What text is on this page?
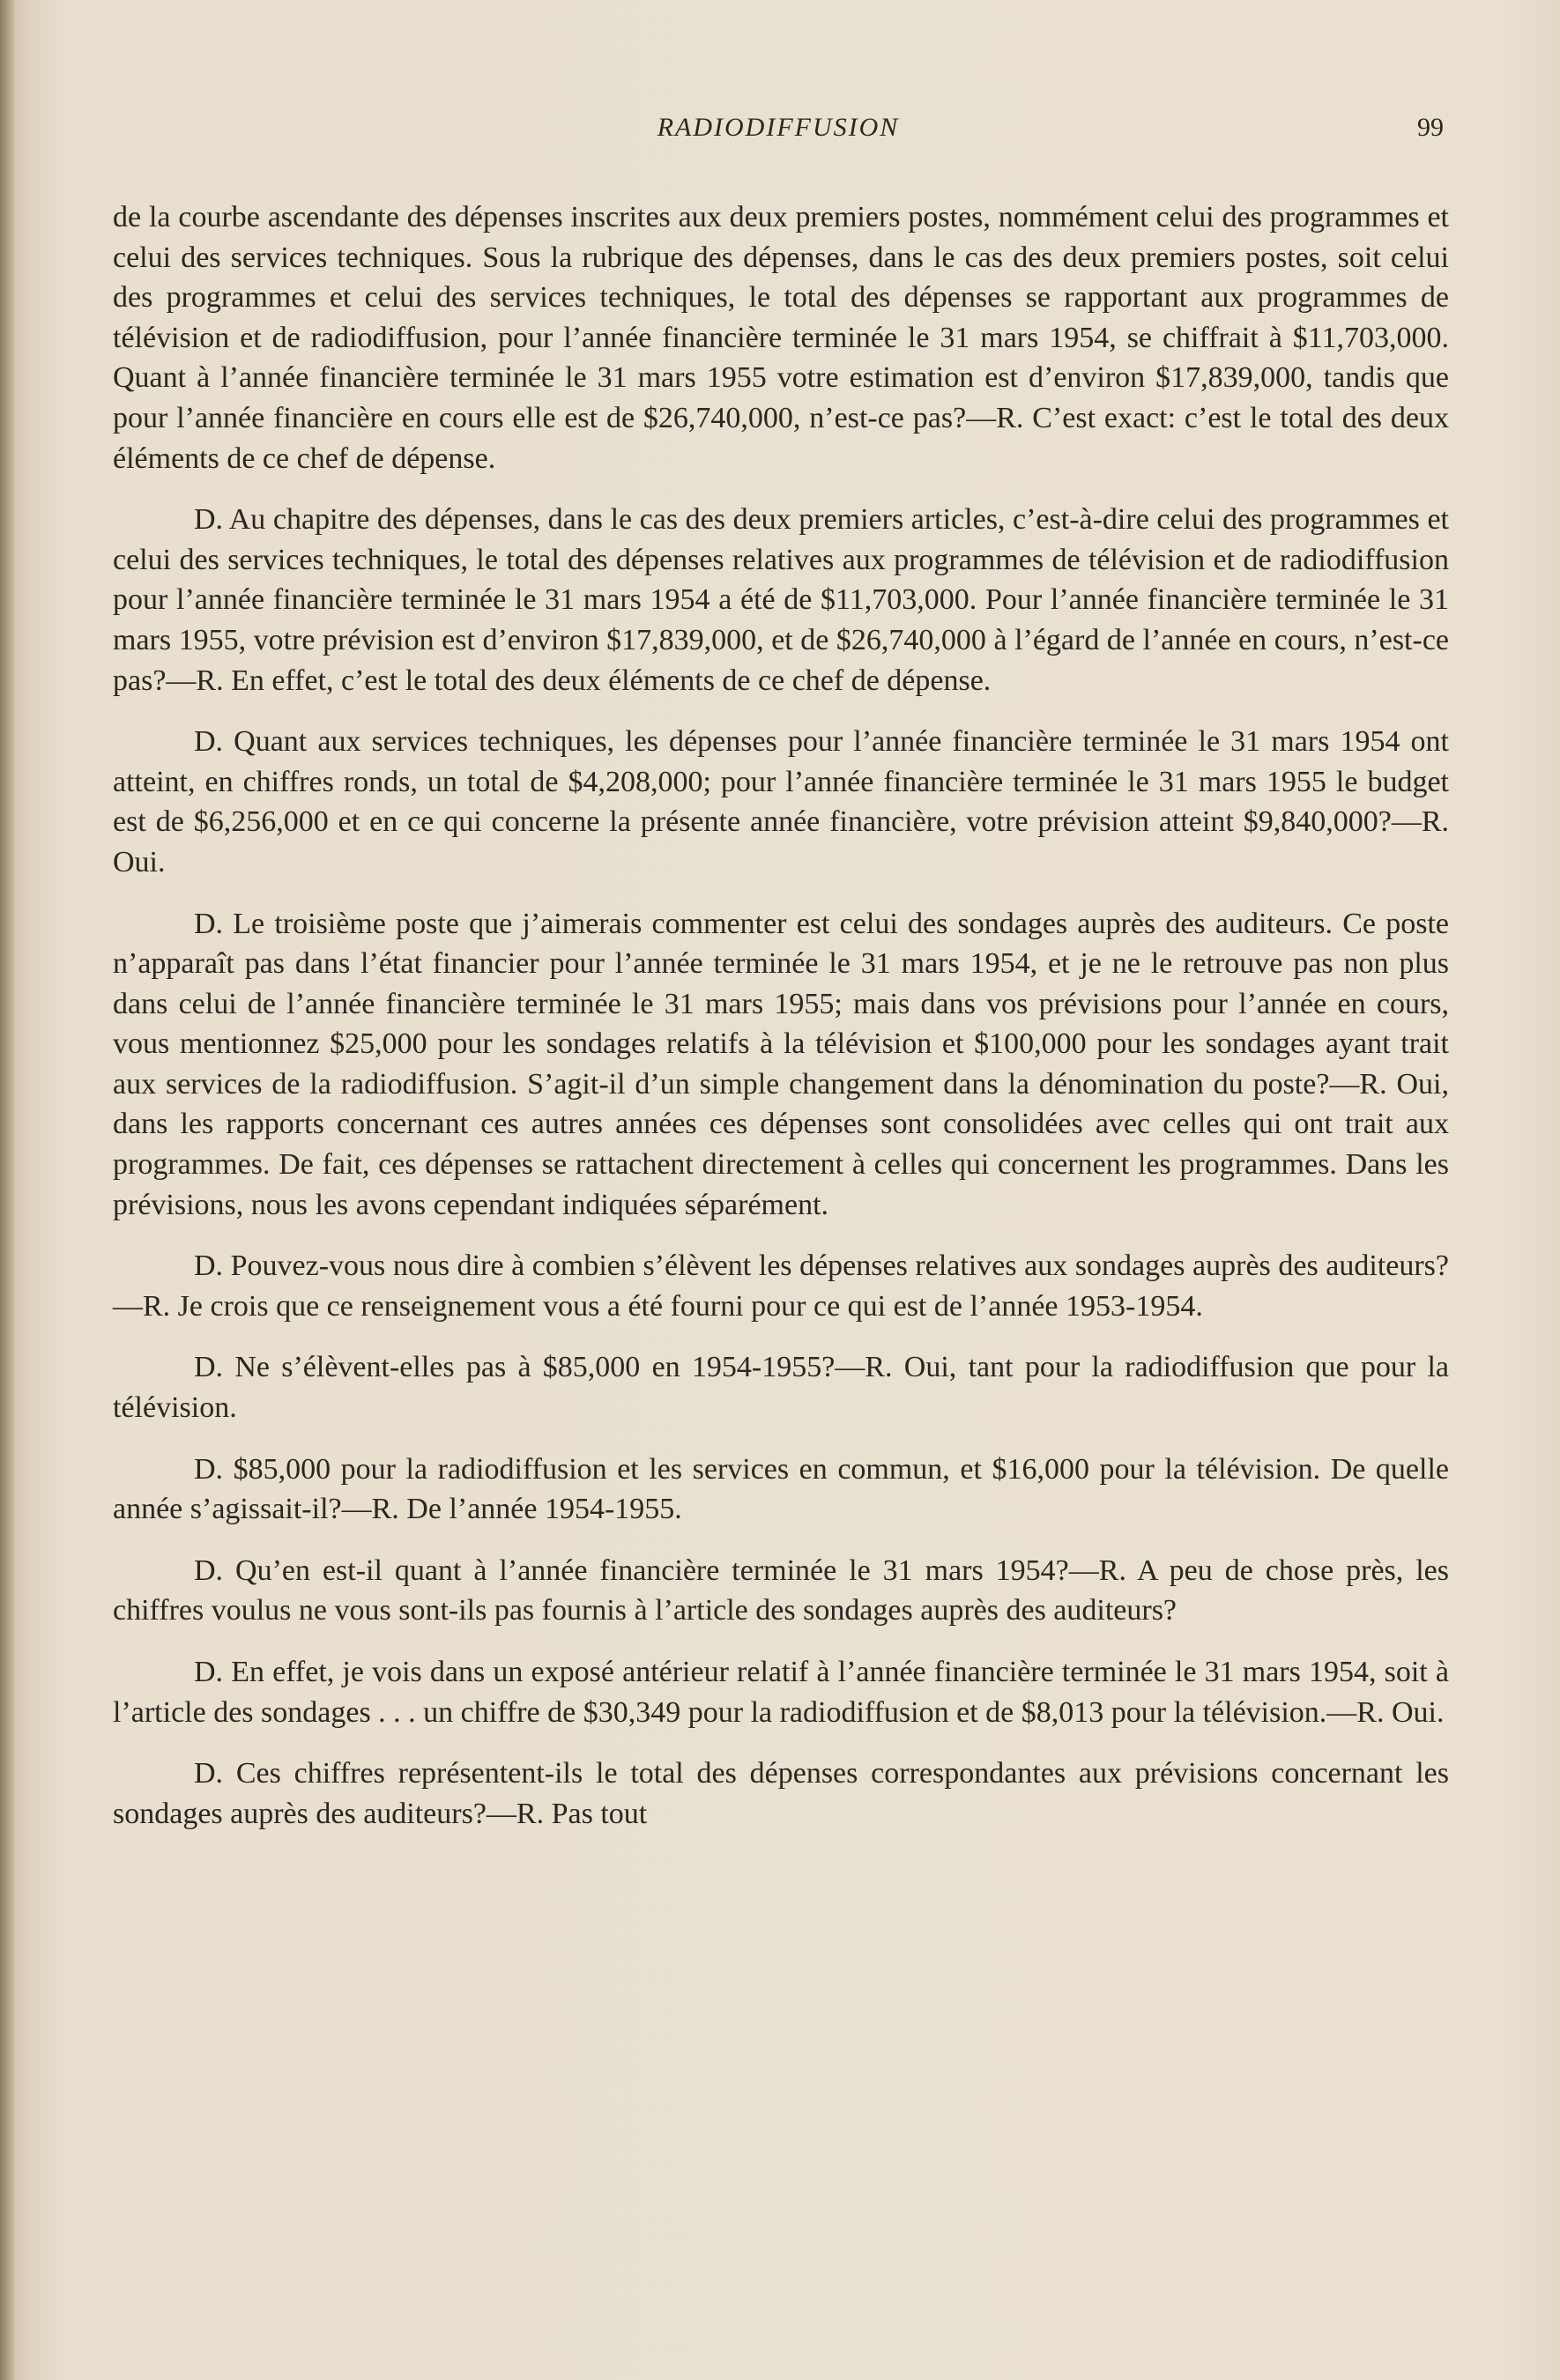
RADIODIFFUSION	99

de la courbe ascendante des dépenses inscrites aux deux premiers postes, nommément celui des programmes et celui des services techniques. Sous la rubrique des dépenses, dans le cas des deux premiers postes, soit celui des programmes et celui des services techniques, le total des dépenses se rapportant aux programmes de télévision et de radiodiffusion, pour l’année financière terminée le 31 mars 1954, se chiffrait à $11,703,000. Quant à l’année financière terminée le 31 mars 1955 votre estimation est d’environ $17,839,000, tandis que pour l’année financière en cours elle est de $26,740,000, n’est-ce pas?—R. C’est exact: c’est le total des deux éléments de ce chef de dépense.

D. Au chapitre des dépenses, dans le cas des deux premiers articles, c’est-à-dire celui des programmes et celui des services techniques, le total des dépenses relatives aux programmes de télévision et de radiodiffusion pour l’année financière terminée le 31 mars 1954 a été de $11,703,000. Pour l’année financière terminée le 31 mars 1955, votre prévision est d’environ $17,839,000, et de $26,740,000 à l’égard de l’année en cours, n’est-ce pas?—R. En effet, c’est le total des deux éléments de ce chef de dépense.

D. Quant aux services techniques, les dépenses pour l’année financière terminée le 31 mars 1954 ont atteint, en chiffres ronds, un total de $4,208,000; pour l’année financière terminée le 31 mars 1955 le budget est de $6,256,000 et en ce qui concerne la présente année financière, votre prévision atteint $9,840,000?—R. Oui.

D. Le troisième poste que j’aimerais commenter est celui des sondages auprès des auditeurs. Ce poste n’apparaît pas dans l’état financier pour l’année terminée le 31 mars 1954, et je ne le retrouve pas non plus dans celui de l’année financière terminée le 31 mars 1955; mais dans vos prévisions pour l’année en cours, vous mentionnez $25,000 pour les sondages relatifs à la télévision et $100,000 pour les sondages ayant trait aux services de la radiodiffusion. S’agit-il d’un simple changement dans la dénomination du poste?—R. Oui, dans les rapports concernant ces autres années ces dépenses sont consolidées avec celles qui ont trait aux programmes. De fait, ces dépenses se rattachent directement à celles qui concernent les programmes. Dans les prévisions, nous les avons cependant indiquées séparément.

D. Pouvez-vous nous dire à combien s’élèvent les dépenses relatives aux sondages auprès des auditeurs?—R. Je crois que ce renseignement vous a été fourni pour ce qui est de l’année 1953-1954.

D. Ne s’élèvent-elles pas à $85,000 en 1954-1955?—R. Oui, tant pour la radiodiffusion que pour la télévision.

D. $85,000 pour la radiodiffusion et les services en commun, et $16,000 pour la télévision. De quelle année s’agissait-il?—R. De l’année 1954-1955.

D. Qu’en est-il quant à l’année financière terminée le 31 mars 1954?—R. A peu de chose près, les chiffres voulus ne vous sont-ils pas fournis à l’article des sondages auprès des auditeurs?

D. En effet, je vois dans un exposé antérieur relatif à l’année financière terminée le 31 mars 1954, soit à l’article des sondages . . . un chiffre de $30,349 pour la radiodiffusion et de $8,013 pour la télévision.—R. Oui.

D. Ces chiffres représentent-ils le total des dépenses correspondantes aux prévisions concernant les sondages auprès des auditeurs?—R. Pas tout
